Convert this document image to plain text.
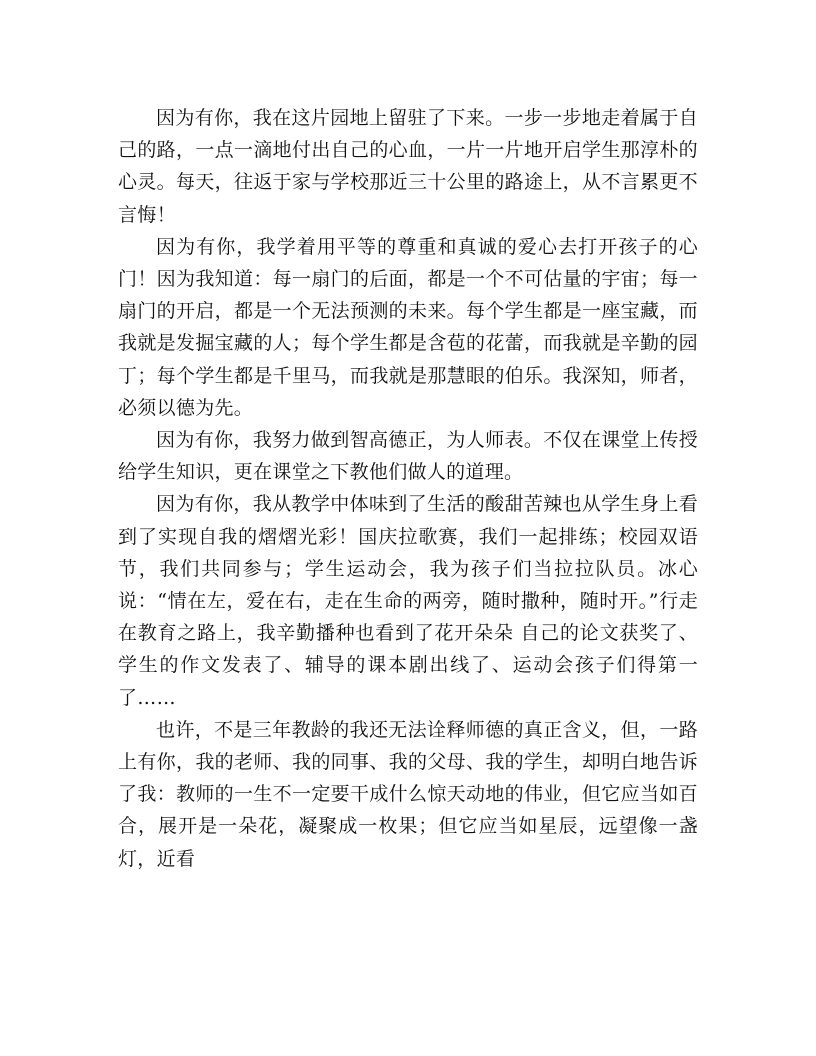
因为有你，我在这片园地上留驻了下来。一步一步地走着属于自己的路，一点一滴地付出自己的心血，一片一片地开启学生那淳朴的心灵。每天，往返于家与学校那近三十公里的路途上，从不言累更不言悔！

因为有你，我学着用平等的尊重和真诚的爱心去打开孩子的心门！因为我知道：每一扇门的后面，都是一个不可估量的宇宙；每一扇门的开启，都是一个无法预测的未来。每个学生都是一座宝藏，而我就是发掘宝藏的人；每个学生都是含苞的花蕾，而我就是辛勤的园丁；每个学生都是千里马，而我就是那慧眼的伯乐。我深知，师者，必须以德为先。

因为有你，我努力做到智高德正，为人师表。不仅在课堂上传授给学生知识，更在课堂之下教他们做人的道理。

因为有你，我从教学中体味到了生活的酸甜苦辣也从学生身上看到了实现自我的熠熠光彩！国庆拉歌赛，我们一起排练；校园双语节，我们共同参与；学生运动会，我为孩子们当拉拉队员。冰心说：“情在左，爱在右，走在生命的两旁，随时撒种，随时开。”行走在教育之路上，我辛勤播种也看到了花开朵朵 自己的论文获奖了、学生的作文发表了、辅导的课本剧出线了、运动会孩子们得第一了……

也许，不是三年教龄的我还无法诠释师德的真正含义，但，一路上有你，我的老师、我的同事、我的父母、我的学生，却明白地告诉了我：教师的一生不一定要干成什么惊天动地的伟业，但它应当如百合，展开是一朵花，凝聚成一枚果；但它应当如星辰，远望像一盏灯，近看
